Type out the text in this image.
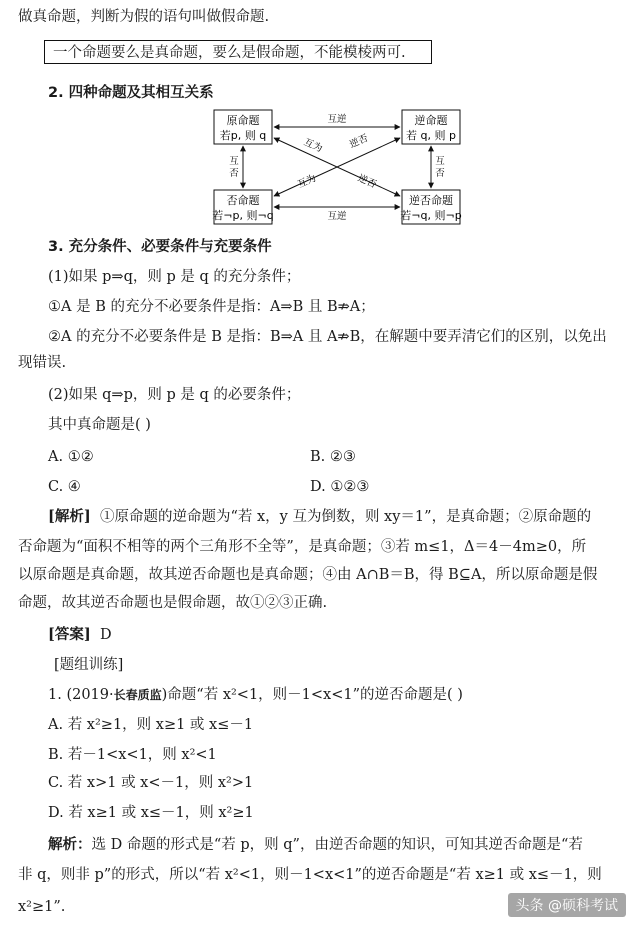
做真命题，判断为假的语句叫做假命题.
一个命题要么是真命题，要么是假命题，不能模棱两可.
2. 四种命题及其相互关系
原命题
若p, 则 q
逆命题
若 q, 则 p
否命题
若¬p, 则¬q
逆否命题
若¬q, 则¬p
互逆
互逆
互
否
互
否
互为	逆否
互为	逆否
3. 充分条件、必要条件与充要条件
(1)如果 p⇒q，则 p 是 q 的充分条件；
①A 是 B 的充分不必要条件是指：A⇒B 且 B⇏A；
②A 的充分不必要条件是 B 是指：B⇒A 且 A⇏B，在解题中要弄清它们的区别，以免出
现错误.
(2)如果 q⇒p，则 p 是 q 的必要条件；
其中真命题是( )
A. ①②	B. ②③
C. ④	D. ①②③
[解析] ①原命题的逆命题为“若 x，y 互为倒数，则 xy＝1”，是真命题；②原命题的
否命题为“面积不相等的两个三角形不全等”，是真命题；③若 m≤1，Δ＝4－4m≥0，所
以原命题是真命题，故其逆否命题也是真命题；④由 A∩B＝B，得 B⊆A，所以原命题是假
命题，故其逆否命题也是假命题，故①②③正确.
[答案] D
[题组训练]
1. (2019·长春质监)命题“若 x²<1，则－1<x<1”的逆否命题是( )
A. 若 x²≥1，则 x≥1 或 x≤－1
B. 若－1<x<1，则 x²<1
C. 若 x>1 或 x<－1，则 x²>1
D. 若 x≥1 或 x≤－1，则 x²≥1
解析：选 D 命题的形式是“若 p，则 q”，由逆否命题的知识，可知其逆否命题是“若
非 q，则非 p”的形式，所以“若 x²<1，则－1<x<1”的逆否命题是“若 x≥1 或 x≤－1，则
x²≥1”.	头条 @硕科考试
